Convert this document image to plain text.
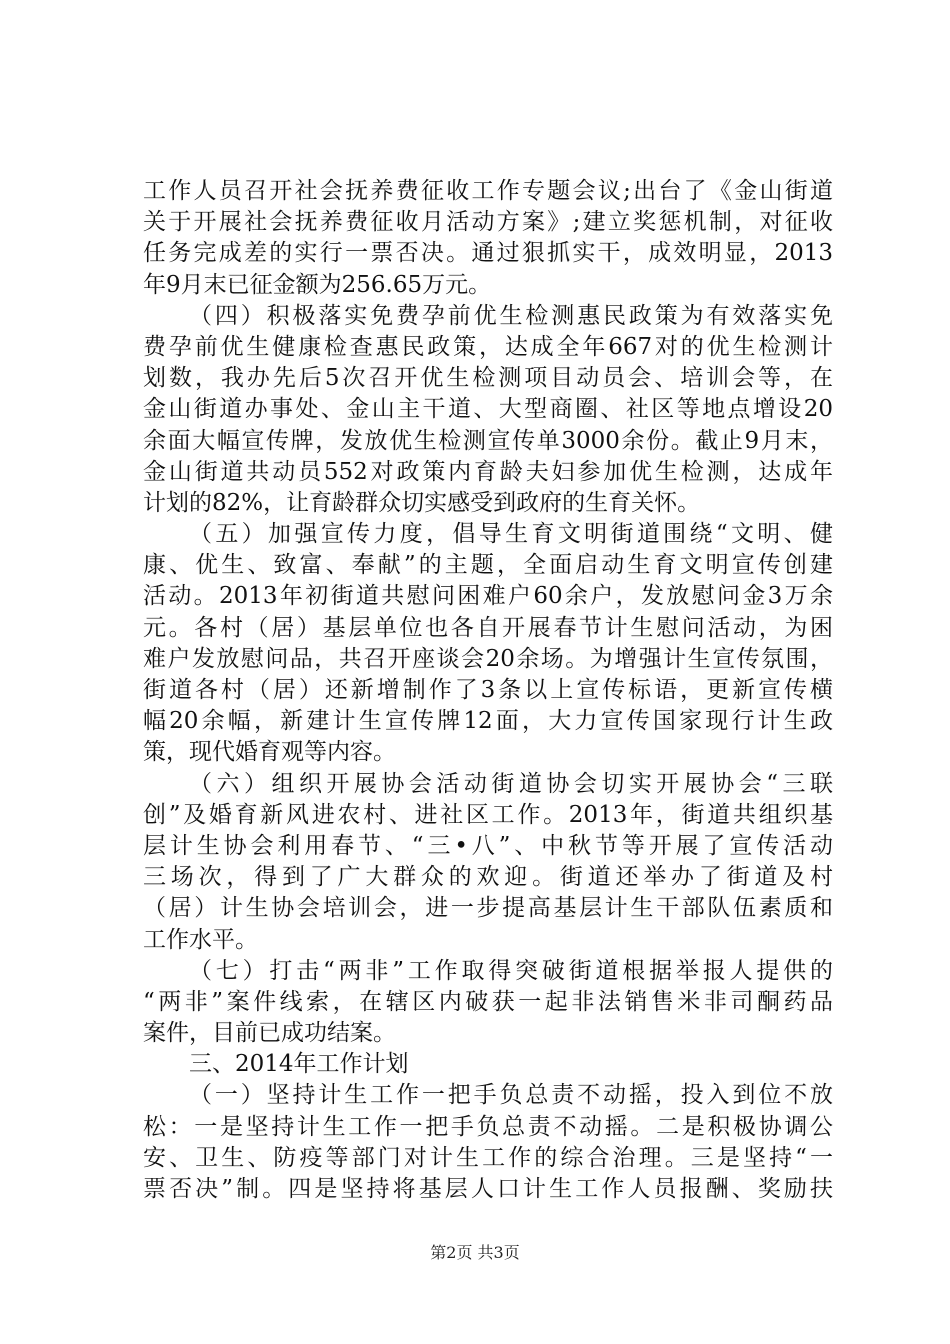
工作人员召开社会抚养费征收工作专题会议;出台了《金山街道
关于开展社会抚养费征收月活动方案》;建立奖惩机制，对征收
任务完成差的实行一票否决。通过狠抓实干，成效明显，2013
年9月末已征金额为256.65万元。
（四）积极落实免费孕前优生检测惠民政策为有效落实免
费孕前优生健康检查惠民政策，达成全年667对的优生检测计
划数，我办先后5次召开优生检测项目动员会、培训会等，在
金山街道办事处、金山主干道、大型商圈、社区等地点增设20
余面大幅宣传牌，发放优生检测宣传单3000余份。截止9月末，
金山街道共动员552对政策内育龄夫妇参加优生检测，达成年
计划的82%，让育龄群众切实感受到政府的生育关怀。
（五）加强宣传力度，倡导生育文明街道围绕“文明、健
康、优生、致富、奉献”的主题，全面启动生育文明宣传创建
活动。2013年初街道共慰问困难户60余户，发放慰问金3万余
元。各村（居）基层单位也各自开展春节计生慰问活动，为困
难户发放慰问品，共召开座谈会20余场。为增强计生宣传氛围，
街道各村（居）还新增制作了3条以上宣传标语，更新宣传横
幅20余幅，新建计生宣传牌12面，大力宣传国家现行计生政
策，现代婚育观等内容。
（六）组织开展协会活动街道协会切实开展协会“三联
创”及婚育新风进农村、进社区工作。2013年，街道共组织基
层计生协会利用春节、“三•八”、中秋节等开展了宣传活动
三场次，得到了广大群众的欢迎。街道还举办了街道及村
（居）计生协会培训会，进一步提高基层计生干部队伍素质和
工作水平。
（七）打击“两非”工作取得突破街道根据举报人提供的
“两非”案件线索，在辖区内破获一起非法销售米非司酮药品
案件，目前已成功结案。
三、2014年工作计划
（一）坚持计生工作一把手负总责不动摇，投入到位不放
松：一是坚持计生工作一把手负总责不动摇。二是积极协调公
安、卫生、防疫等部门对计生工作的综合治理。三是坚持“一
票否决”制。四是坚持将基层人口计生工作人员报酬、奖励扶
第2页 共3页
